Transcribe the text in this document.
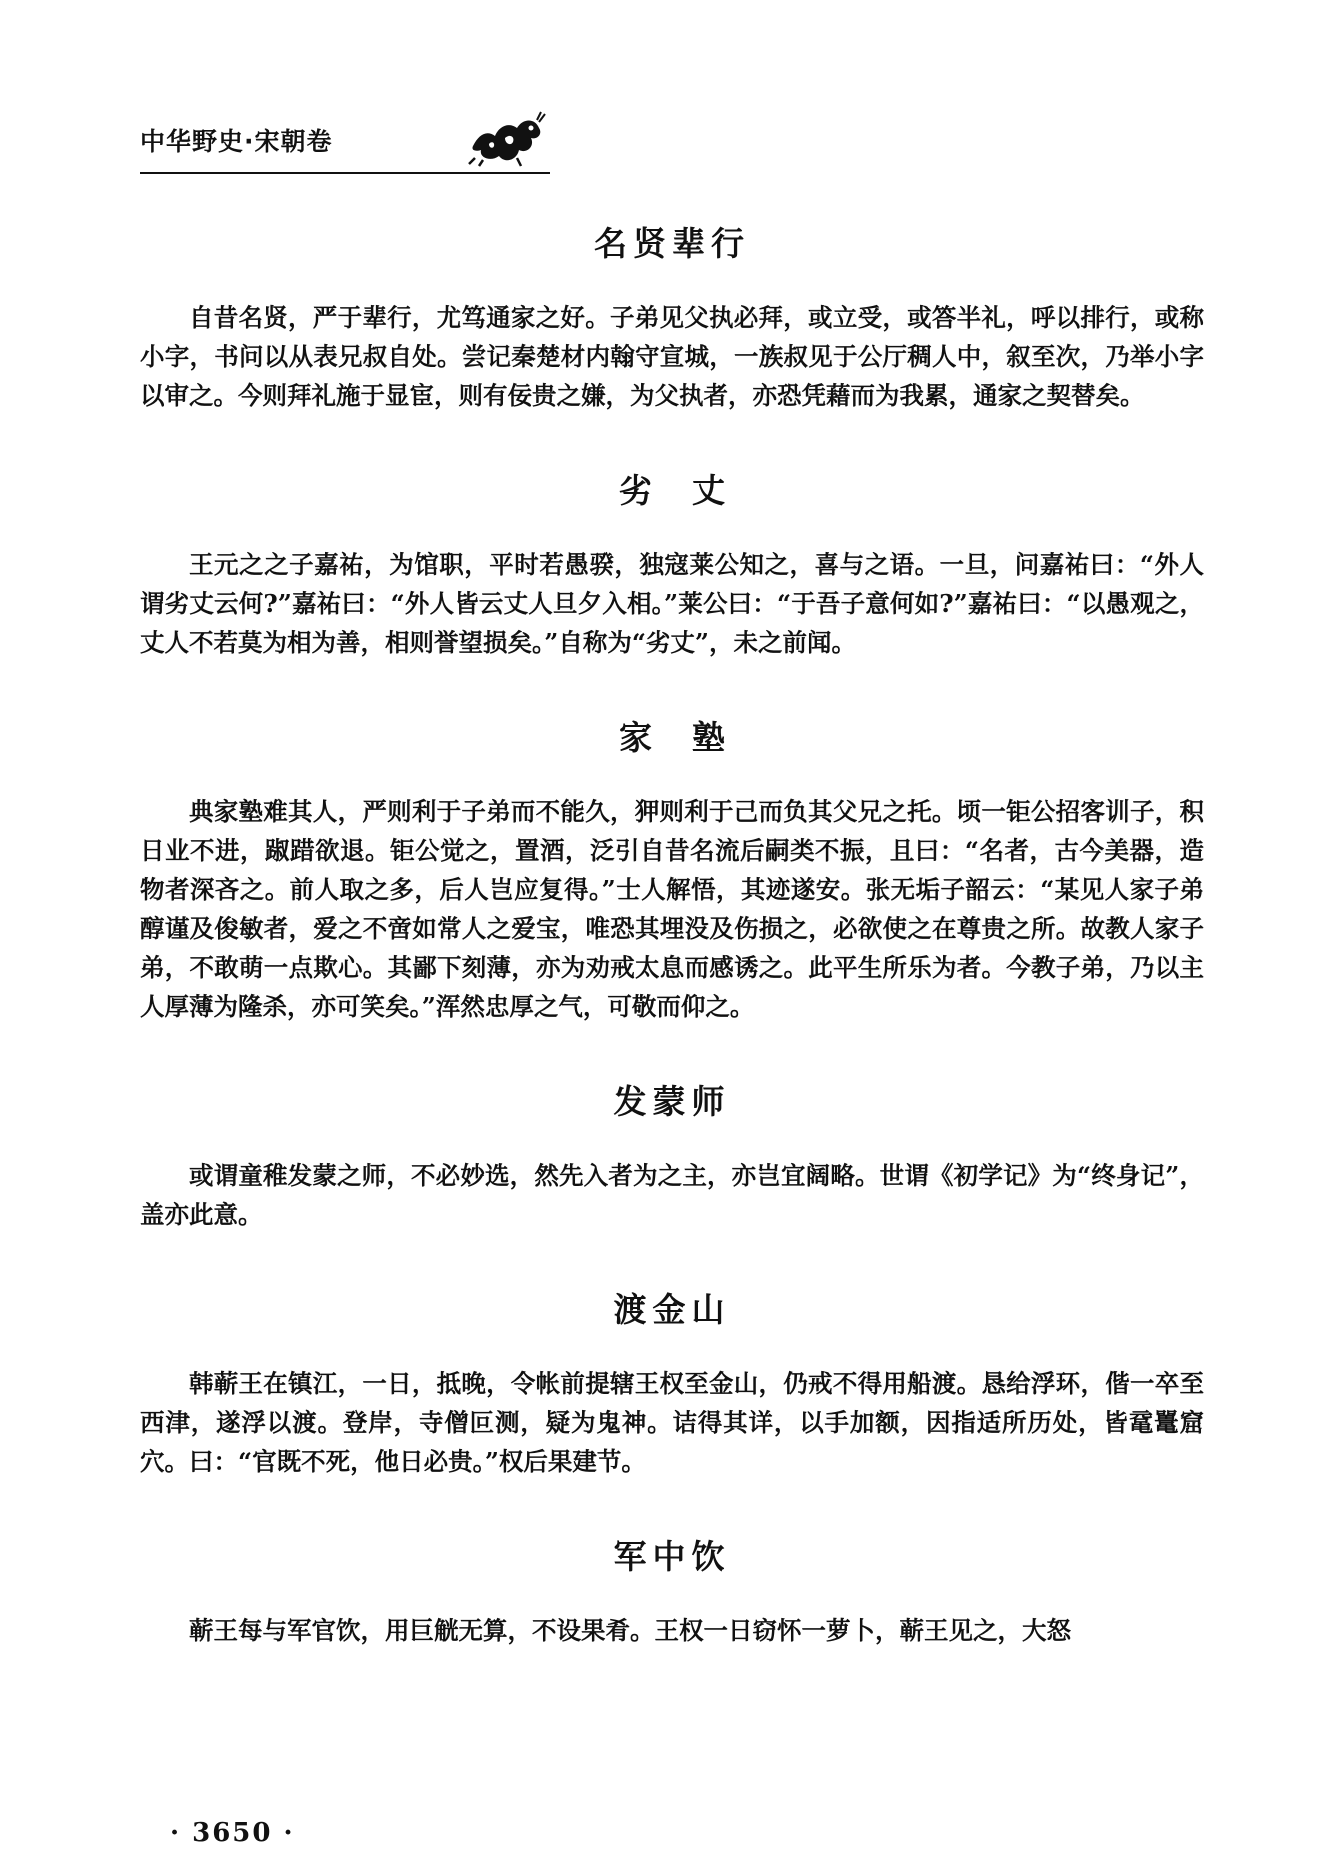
中华野史·宋朝卷
名贤辈行

自昔名贤，严于辈行，尤笃通家之好。子弟见父执必拜，或立受，或答半礼，呼以排行，或称小字，书问以从表兄叔自处。尝记秦楚材内翰守宣城，一族叔见于公厅稠人中，叙至次，乃举小字以审之。今则拜礼施于显宦，则有佞贵之嫌，为父执者，亦恐凭藉而为我累，通家之契替矣。

劣丈

王元之之子嘉祐，为馆职，平时若愚骙，独寇莱公知之，喜与之语。一旦，问嘉祐曰：“外人谓劣丈云何?”嘉祐曰：“外人皆云丈人旦夕入相。”莱公曰：“于吾子意何如?”嘉祐曰：“以愚观之，丈人不若莫为相为善，相则誉望损矣。”自称为“劣丈”，未之前闻。

家塾

典家塾难其人，严则利于子弟而不能久，狎则利于己而负其父兄之托。顷一钜公招客训子，积日业不进，踧踖欲退。钜公觉之，置酒，泛引自昔名流后嗣类不振，且曰：“名者，古今美器，造物者深吝之。前人取之多，后人岂应复得。”士人解悟，其迹遂安。张无垢子韶云：“某见人家子弟醇谨及俊敏者，爱之不啻如常人之爱宝，唯恐其埋没及伤损之，必欲使之在尊贵之所。故教人家子弟，不敢萌一点欺心。其鄙下刻薄，亦为劝戒太息而感诱之。此平生所乐为者。今教子弟，乃以主人厚薄为隆杀，亦可笑矣。”浑然忠厚之气，可敬而仰之。

发蒙师

或谓童稚发蒙之师，不必妙选，然先入者为之主，亦岂宜阔略。世谓《初学记》为“终身记”，盖亦此意。

渡金山

韩蕲王在镇江，一日，抵晚，令帐前提辖王权至金山，仍戒不得用船渡。恳给浮环，偕一卒至西津，遂浮以渡。登岸，寺僧叵测，疑为鬼神。诘得其详，以手加额，因指适所历处，皆鼋鼍窟穴。曰：“官既不死，他日必贵。”权后果建节。

军中饮

蕲王每与军官饮，用巨觥无算，不设果肴。王权一日窃怀一萝卜，蕲王见之，大怒

· 3650 ·
